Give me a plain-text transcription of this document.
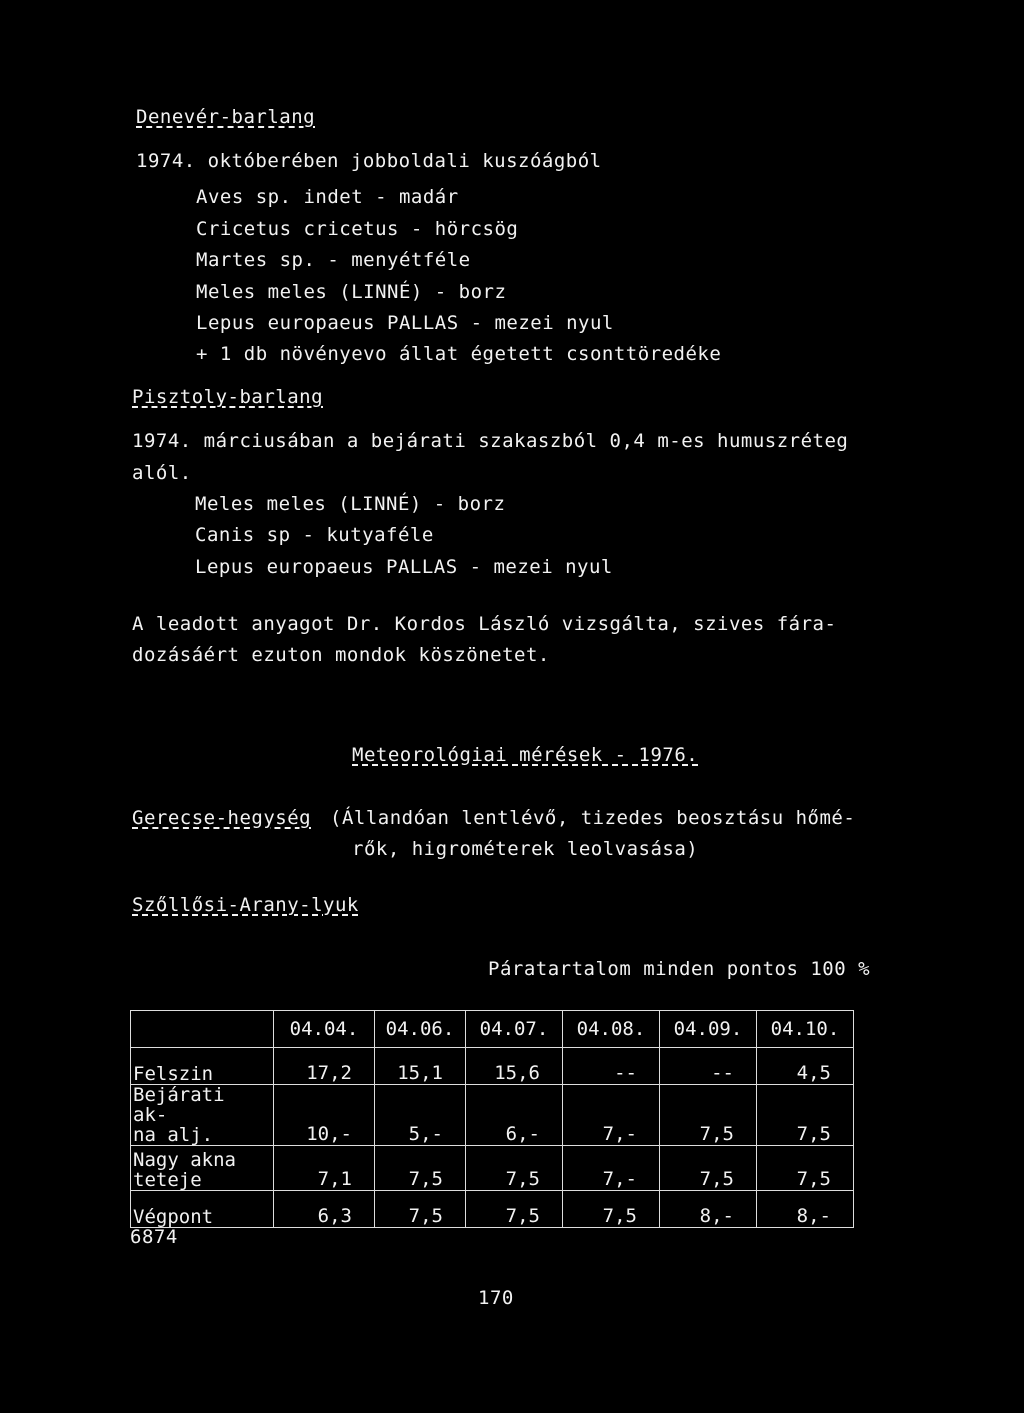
Denevér-barlang
1974. októberében jobboldali kuszóágból
Aves sp. indet - madár
Cricetus cricetus - hörcsög
Martes sp. - menyétféle
Meles meles (LINNÉ) - borz
Lepus europaeus PALLAS - mezei nyul
+ 1 db növényevo állat égetett csonttöredéke
Pisztoly-barlang
1974. márciusában a bejárati szakaszból 0,4 m-es humuszréteg
alól.
Meles meles (LINNÉ) - borz
Canis sp - kutyaféle
Lepus europaeus PALLAS - mezei nyul
A leadott anyagot Dr. Kordos László vizsgálta, szives fára-
dozásáért ezuton mondok köszönetet.
Meteorológiai mérések - 1976.
Gerecse-hegység (Állandóan lentlévő, tizedes beosztásu hőmé-
rők, higrométerek leolvasása)
Szőllősi-Arany-lyuk
Páratartalom minden pontos 100 %
	04.04.	04.06.	04.07.	04.08.	04.09.	04.10.
Felszin	17,2	15,1	15,6	--	--	4,5
Bejárati ak-
na alj.	10,-	5,-	6,-	7,-	7,5	7,5
Nagy akna
teteje	7,1	7,5	7,5	7,-	7,5	7,5
Végpont	6,3	7,5	7,5	7,5	8,-	8,-
6874
170
